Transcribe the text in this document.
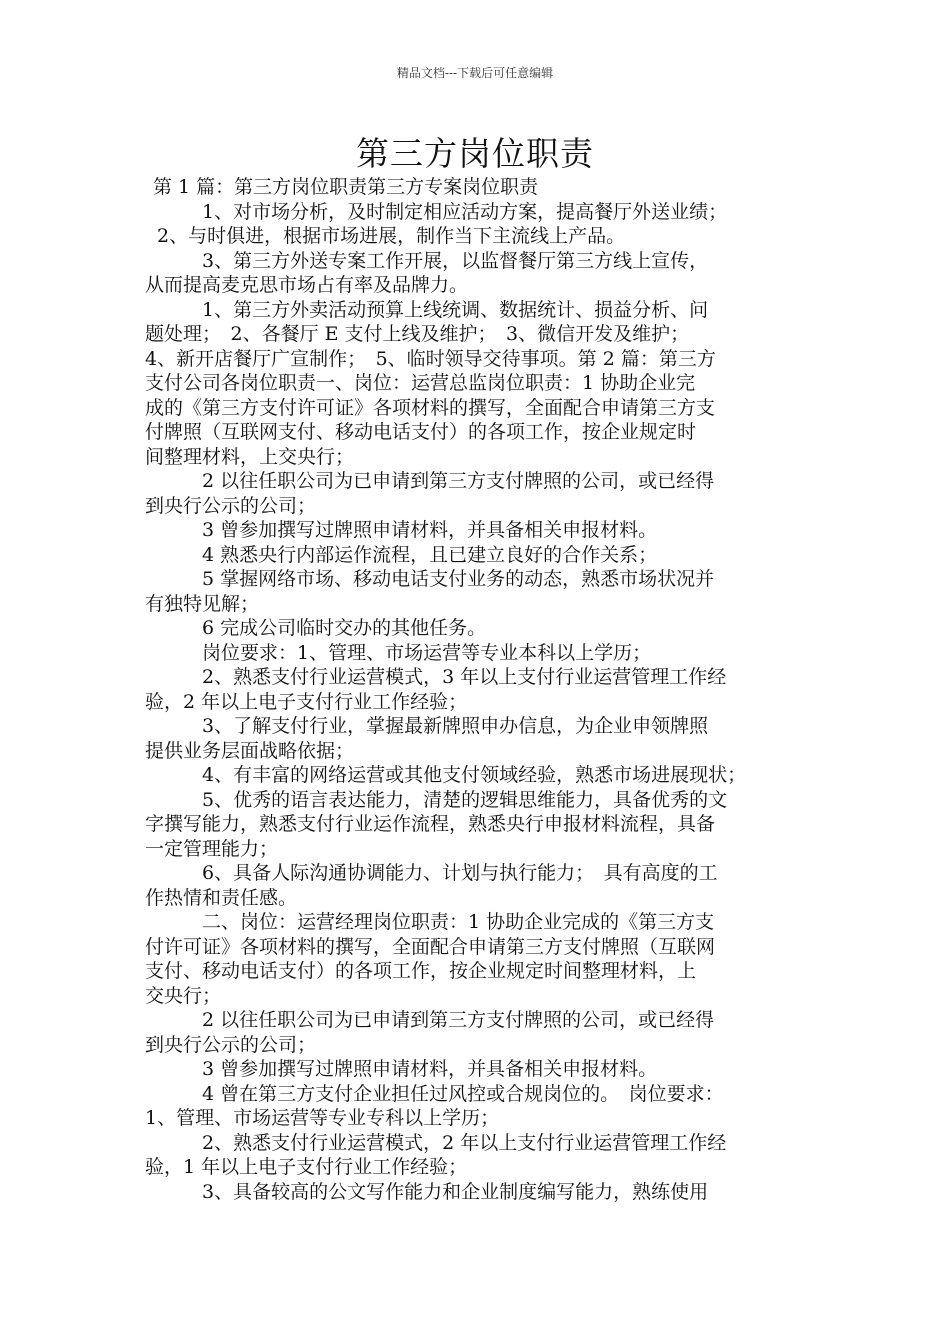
精品文档---下载后可任意编辑
第三方岗位职责
第 1 篇：第三方岗位职责第三方专案岗位职责
1、对市场分析，及时制定相应活动方案，提高餐厅外送业绩；
2、与时俱进，根据市场进展，制作当下主流线上产品。
3、第三方外送专案工作开展，以监督餐厅第三方线上宣传，
从而提高麦克思市场占有率及品牌力。
1、第三方外卖活动预算上线统调、数据统计、损益分析、问
题处理；　2、各餐厅 E 支付上线及维护；　3、微信开发及维护；
4、新开店餐厅广宣制作；　5、临时领导交待事项。第 2 篇：第三方
支付公司各岗位职责一、岗位：运营总监岗位职责：1 协助企业完
成的《第三方支付许可证》各项材料的撰写，全面配合申请第三方支
付牌照（互联网支付、移动电话支付）的各项工作，按企业规定时
间整理材料，上交央行；
2 以往任职公司为已申请到第三方支付牌照的公司，或已经得
到央行公示的公司；
3 曾参加撰写过牌照申请材料，并具备相关申报材料。
4 熟悉央行内部运作流程，且已建立良好的合作关系；
5 掌握网络市场、移动电话支付业务的动态，熟悉市场状况并
有独特见解；
6 完成公司临时交办的其他任务。
岗位要求：1、管理、市场运营等专业本科以上学历；
2、熟悉支付行业运营模式，3 年以上支付行业运营管理工作经
验，2 年以上电子支付行业工作经验；
3、了解支付行业，掌握最新牌照申办信息，为企业申领牌照
提供业务层面战略依据；
4、有丰富的网络运营或其他支付领域经验，熟悉市场进展现状；
5、优秀的语言表达能力，清楚的逻辑思维能力，具备优秀的文
字撰写能力，熟悉支付行业运作流程，熟悉央行申报材料流程，具备
一定管理能力；
6、具备人际沟通协调能力、计划与执行能力；　具有高度的工
作热情和责任感。
二、岗位：运营经理岗位职责：1 协助企业完成的《第三方支
付许可证》各项材料的撰写，全面配合申请第三方支付牌照（互联网
支付、移动电话支付）的各项工作，按企业规定时间整理材料，上
交央行；
2 以往任职公司为已申请到第三方支付牌照的公司，或已经得
到央行公示的公司；
3 曾参加撰写过牌照申请材料，并具备相关申报材料。
4 曾在第三方支付企业担任过风控或合规岗位的。　岗位要求：
1、管理、市场运营等专业专科以上学历；
2、熟悉支付行业运营模式，2 年以上支付行业运营管理工作经
验，1 年以上电子支付行业工作经验；
3、具备较高的公文写作能力和企业制度编写能力，熟练使用
